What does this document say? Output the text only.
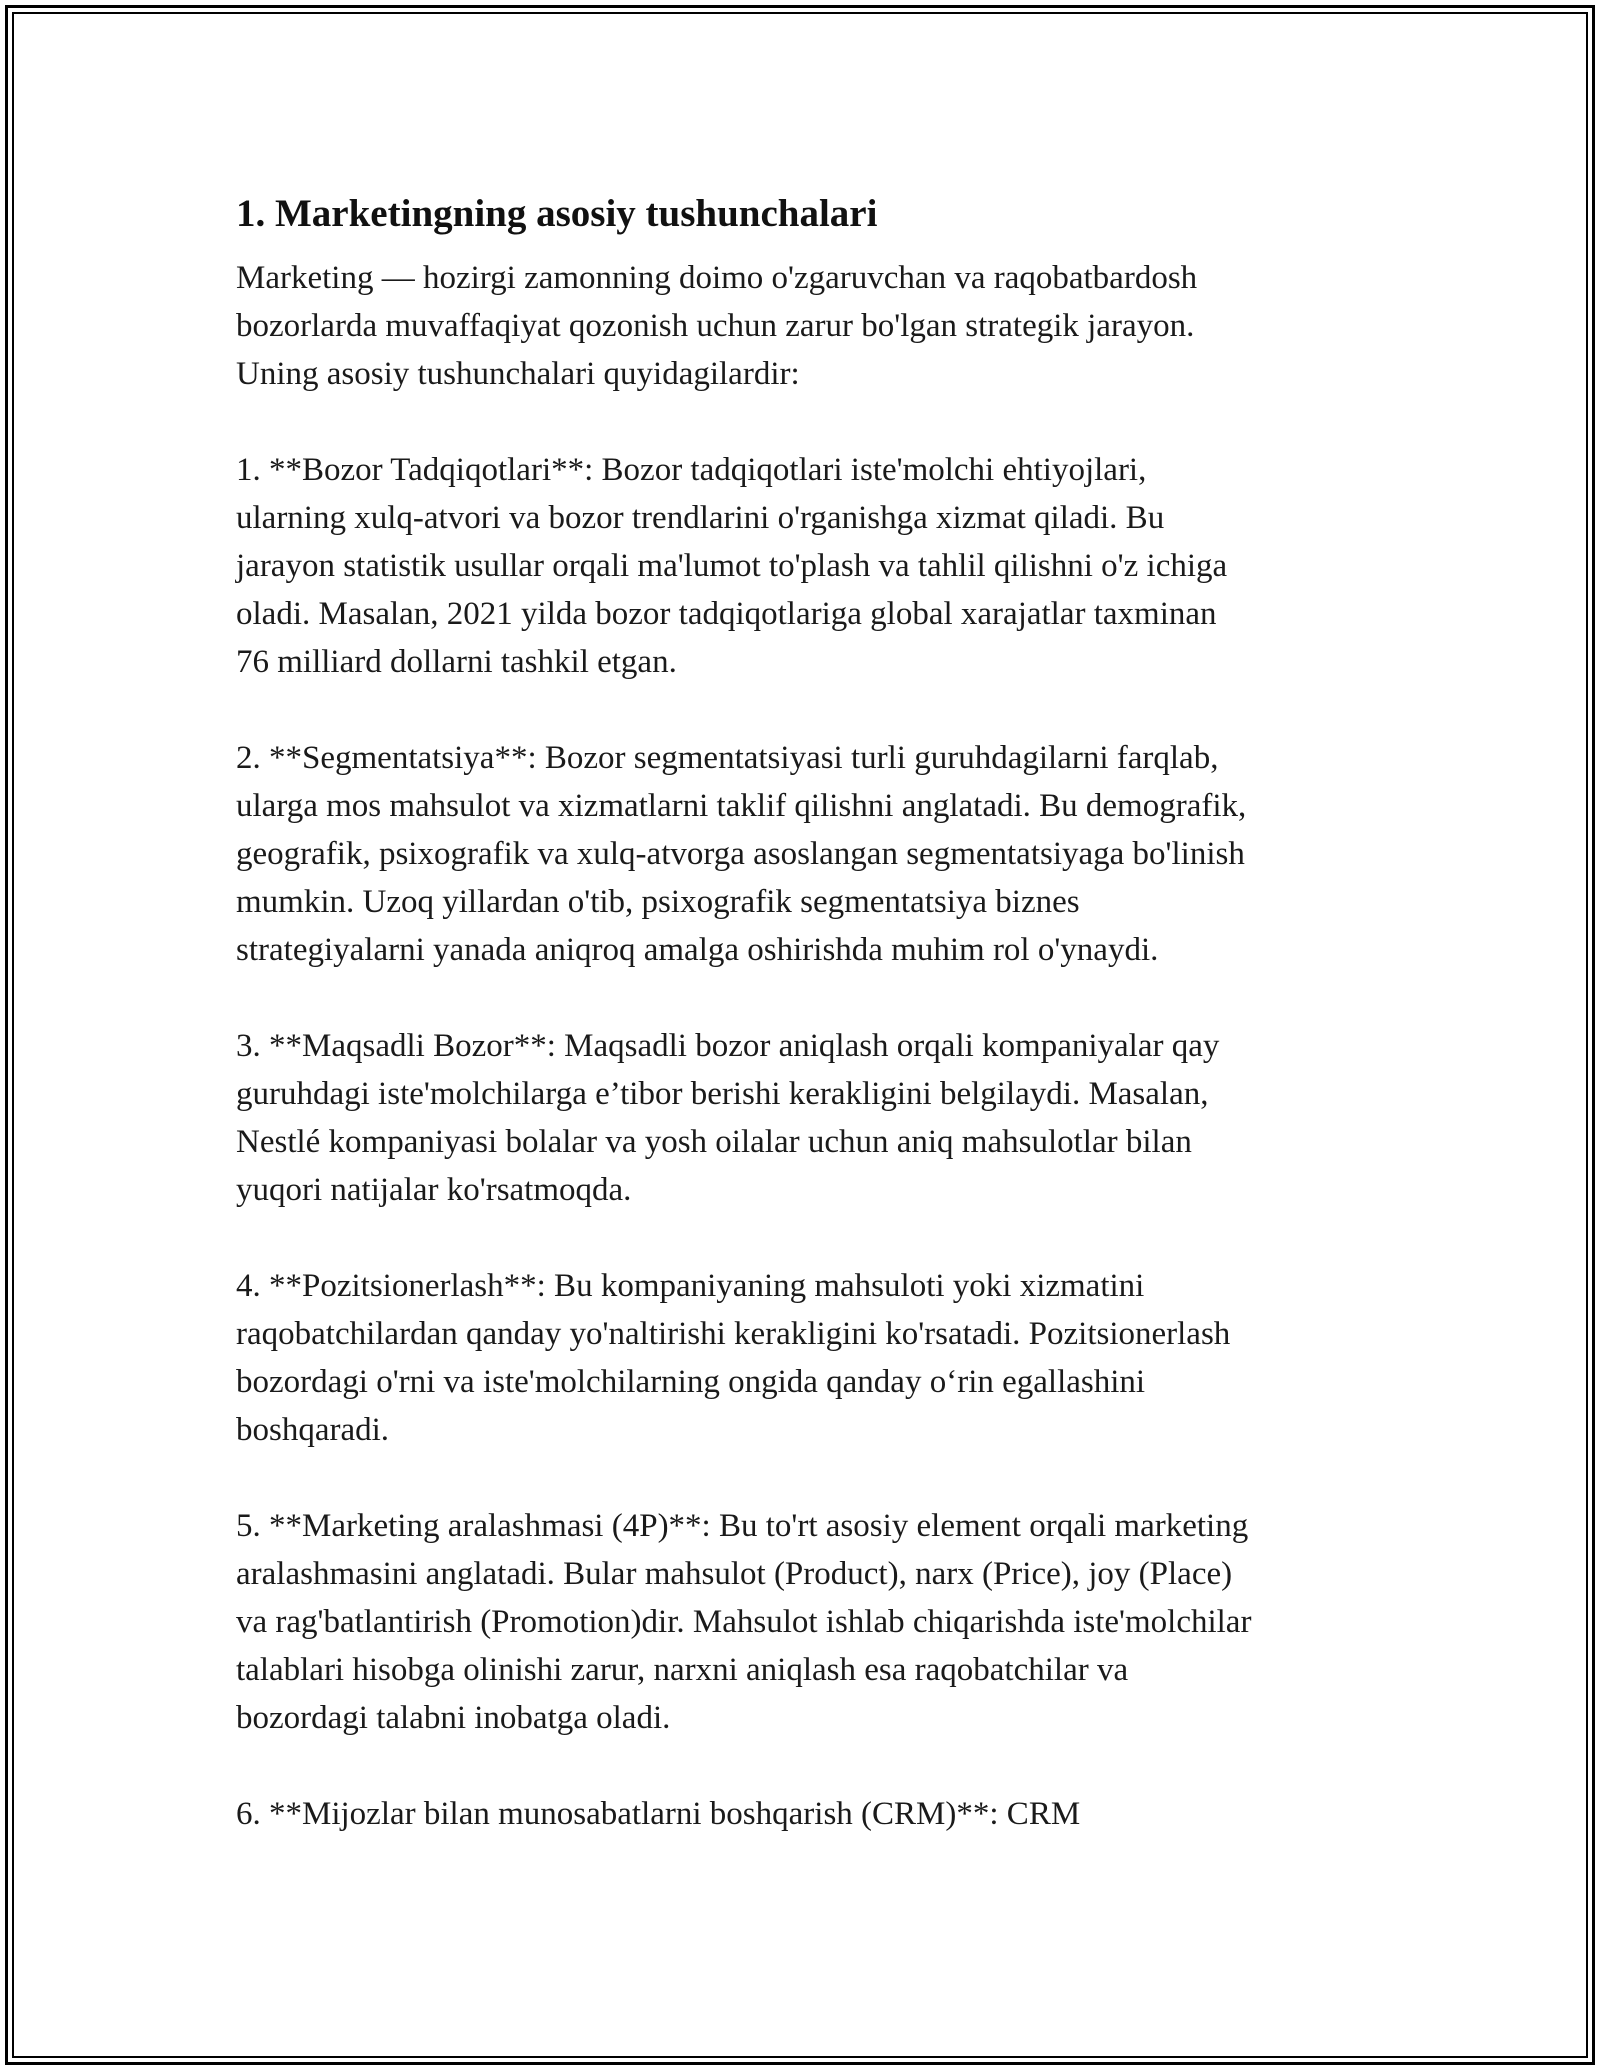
1. Marketingning asosiy tushunchalari

Marketing — hozirgi zamonning doimo o'zgaruvchan va raqobatbardosh
bozorlarda muvaffaqiyat qozonish uchun zarur bo'lgan strategik jarayon.
Uning asosiy tushunchalari quyidagilardir:

1. **Bozor Tadqiqotlari**: Bozor tadqiqotlari iste'molchi ehtiyojlari,
ularning xulq-atvori va bozor trendlarini o'rganishga xizmat qiladi. Bu
jarayon statistik usullar orqali ma'lumot to'plash va tahlil qilishni o'z ichiga
oladi. Masalan, 2021 yilda bozor tadqiqotlariga global xarajatlar taxminan
76 milliard dollarni tashkil etgan.

2. **Segmentatsiya**: Bozor segmentatsiyasi turli guruhdagilarni farqlab,
ularga mos mahsulot va xizmatlarni taklif qilishni anglatadi. Bu demografik,
geografik, psixografik va xulq-atvorga asoslangan segmentatsiyaga bo'linish
mumkin. Uzoq yillardan o'tib, psixografik segmentatsiya biznes
strategiyalarni yanada aniqroq amalga oshirishda muhim rol o'ynaydi.

3. **Maqsadli Bozor**: Maqsadli bozor aniqlash orqali kompaniyalar qay
guruhdagi iste'molchilarga e’tibor berishi kerakligini belgilaydi. Masalan,
Nestlé kompaniyasi bolalar va yosh oilalar uchun aniq mahsulotlar bilan
yuqori natijalar ko'rsatmoqda.

4. **Pozitsionerlash**: Bu kompaniyaning mahsuloti yoki xizmatini
raqobatchilardan qanday yo'naltirishi kerakligini ko'rsatadi. Pozitsionerlash
bozordagi o'rni va iste'molchilarning ongida qanday o‘rin egallashini
boshqaradi.

5. **Marketing aralashmasi (4P)**: Bu to'rt asosiy element orqali marketing
aralashmasini anglatadi. Bular mahsulot (Product), narx (Price), joy (Place)
va rag'batlantirish (Promotion)dir. Mahsulot ishlab chiqarishda iste'molchilar
talablari hisobga olinishi zarur, narxni aniqlash esa raqobatchilar va
bozordagi talabni inobatga oladi.

6. **Mijozlar bilan munosabatlarni boshqarish (CRM)**: CRM
